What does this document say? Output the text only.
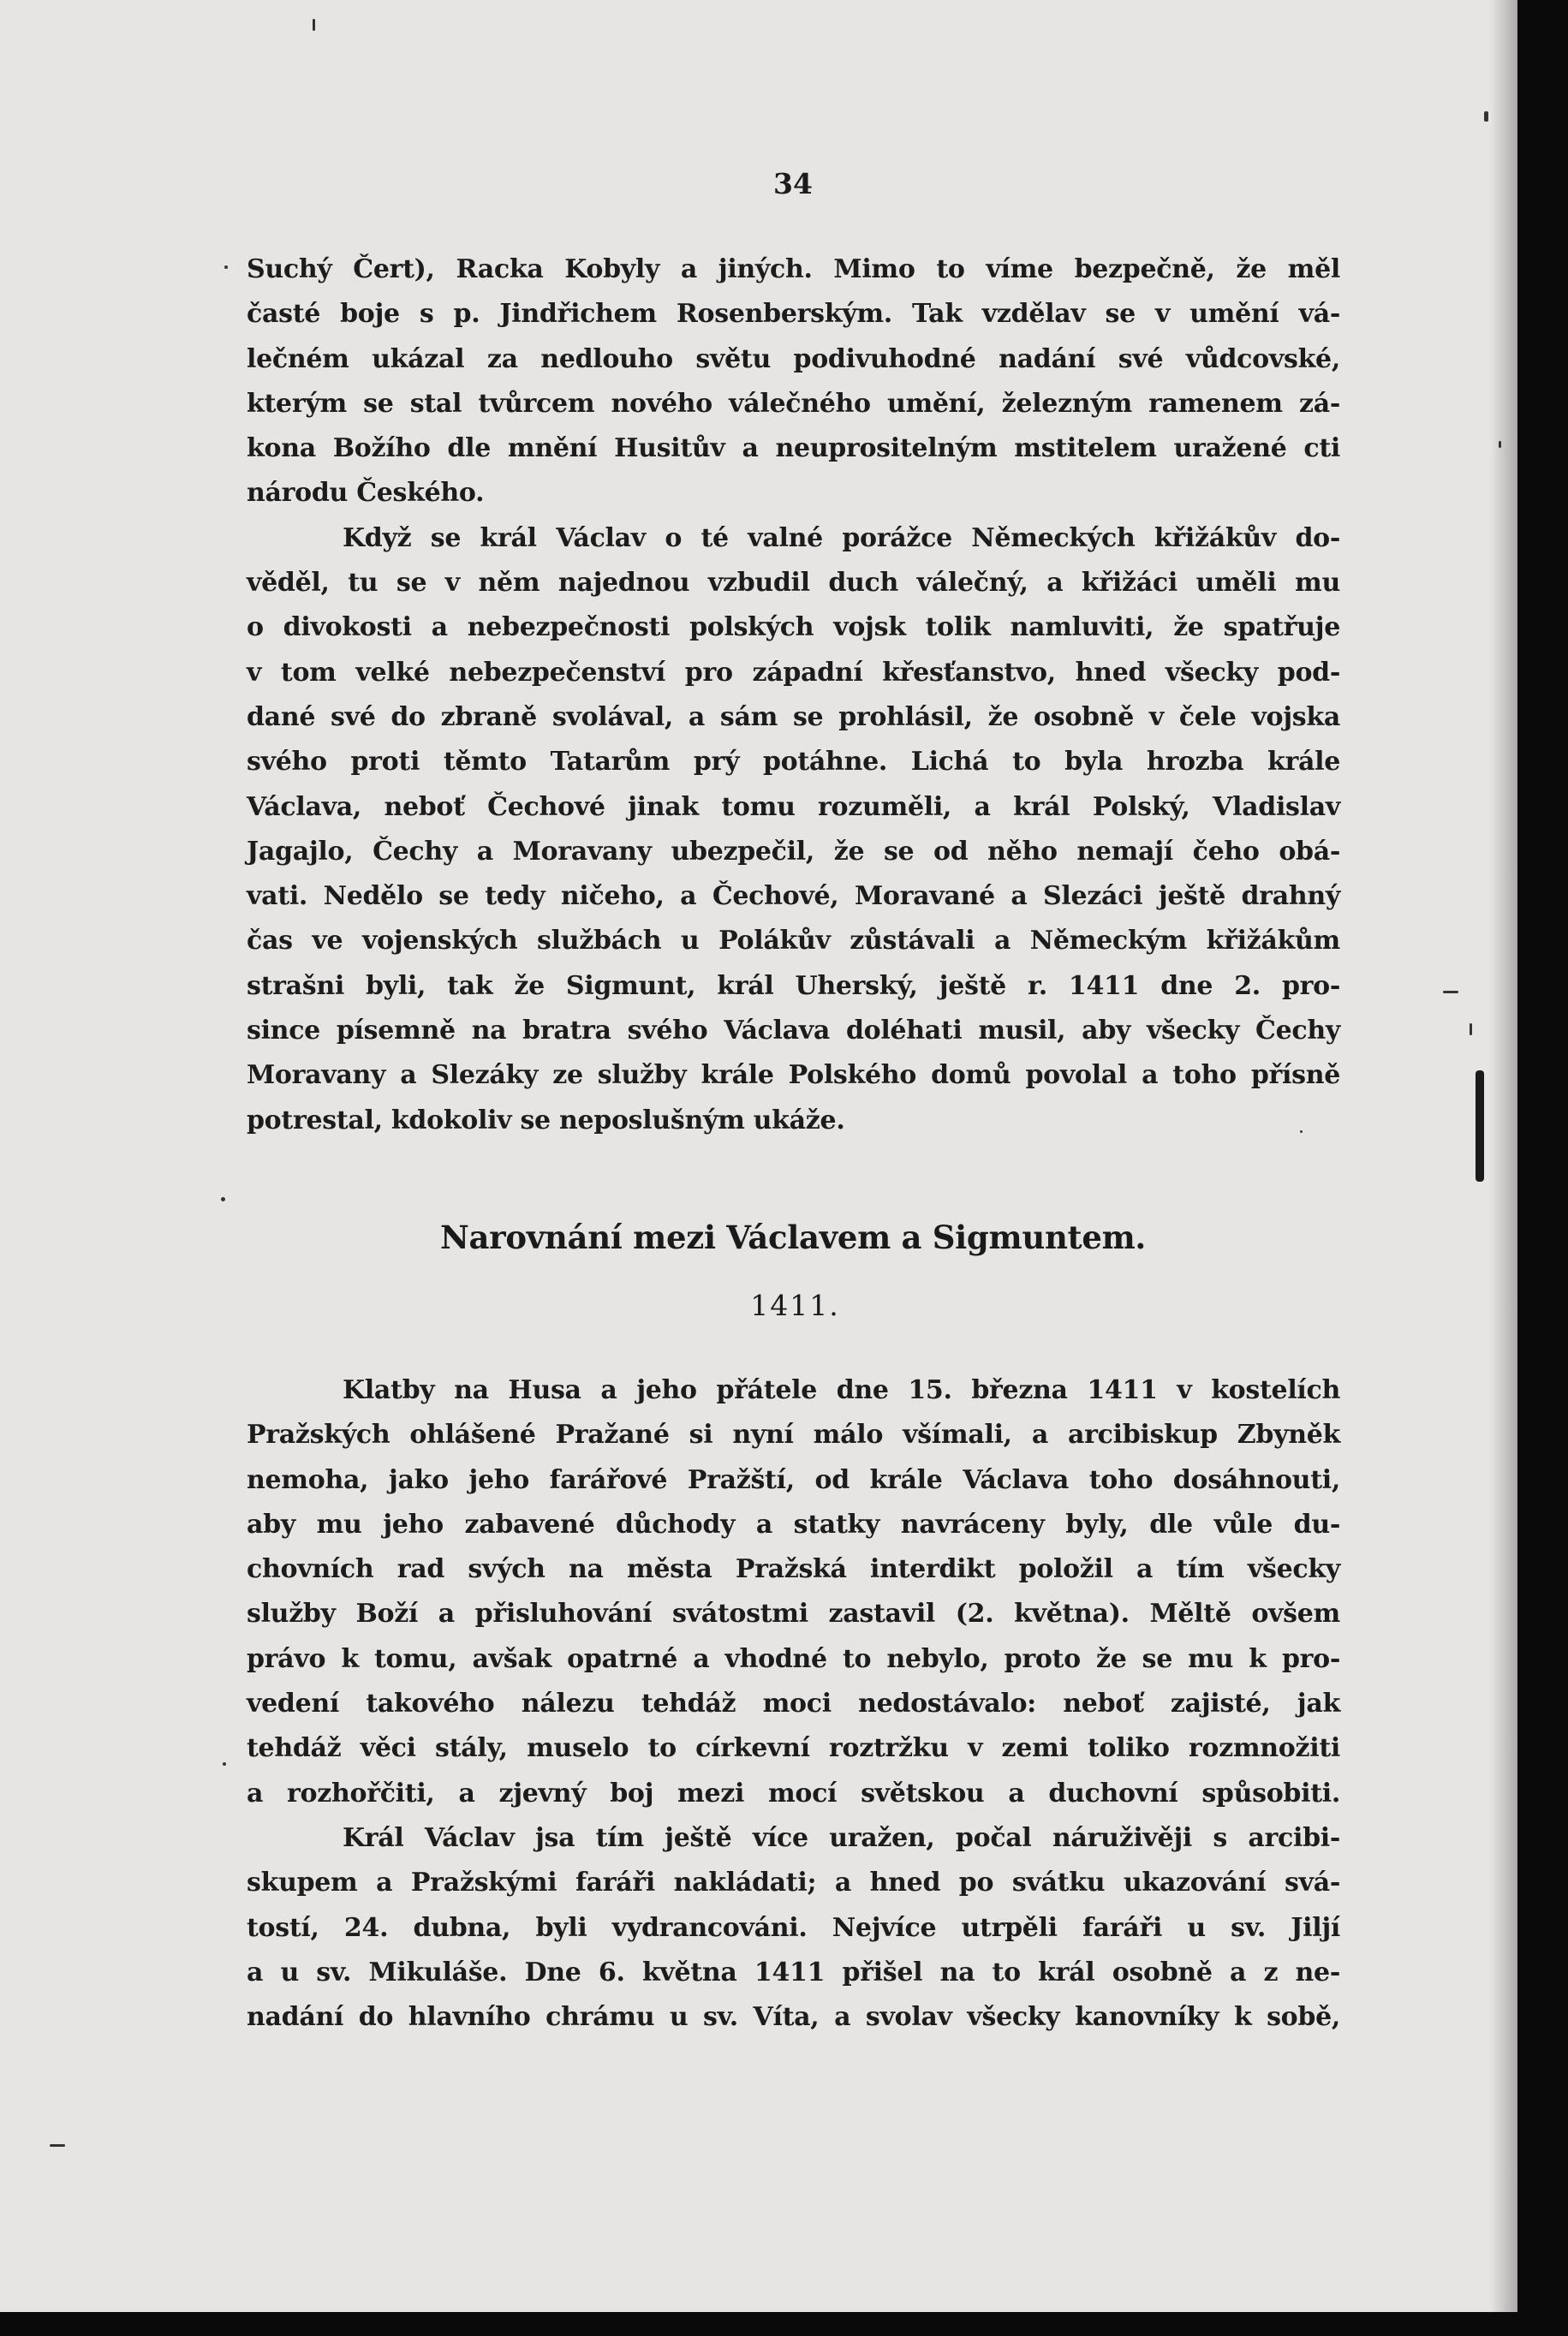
34
Suchý Čert), Racka Kobyly a jiných. Mimo to víme bezpečně, že měl
časté boje s p. Jindřichem Rosenberským. Tak vzdělav se v umění vá-
lečném ukázal za nedlouho světu podivuhodné nadání své vůdcovské,
kterým se stal tvůrcem nového válečného umění, železným ramenem zá-
kona Božího dle mnění Husitův a neuprositelným mstitelem uražené cti
národu Českého.
Když se král Václav o té valné porážce Německých křižákův do-
věděl, tu se v něm najednou vzbudil duch válečný, a křižáci uměli mu
o divokosti a nebezpečnosti polských vojsk tolik namluviti, že spatřuje
v tom velké nebezpečenství pro západní křesťanstvo, hned všecky pod-
dané své do zbraně svolával, a sám se prohlásil, že osobně v čele vojska
svého proti těmto Tatarům prý potáhne. Lichá to byla hrozba krále
Václava, neboť Čechové jinak tomu rozuměli, a král Polský, Vladislav
Jagajlo, Čechy a Moravany ubezpečil, že se od něho nemají čeho obá-
vati. Nedělo se tedy ničeho, a Čechové, Moravané a Slezáci ještě drahný
čas ve vojenských službách u Polákův zůstávali a Německým křižákům
strašni byli, tak že Sigmunt, král Uherský, ještě r. 1411 dne 2. pro-
since písemně na bratra svého Václava doléhati musil, aby všecky Čechy
Moravany a Slezáky ze služby krále Polského domů povolal a toho přísně
potrestal, kdokoliv se neposlušným ukáže.
Narovnání mezi Václavem a Sigmuntem.
1411.
Klatby na Husa a jeho přátele dne 15. března 1411 v kostelích
Pražských ohlášené Pražané si nyní málo všímali, a arcibiskup Zbyněk
nemoha, jako jeho farářové Pražští, od krále Václava toho dosáhnouti,
aby mu jeho zabavené důchody a statky navráceny byly, dle vůle du-
chovních rad svých na města Pražská interdikt položil a tím všecky
služby Boží a přisluhování svátostmi zastavil (2. května). Měltě ovšem
právo k tomu, avšak opatrné a vhodné to nebylo, proto že se mu k pro-
vedení takového nálezu tehdáž moci nedostávalo: neboť zajisté, jak
tehdáž věci stály, muselo to církevní roztržku v zemi toliko rozmnožiti
a rozhořčiti, a zjevný boj mezi mocí světskou a duchovní spůsobiti.
Král Václav jsa tím ještě více uražen, počal náruživěji s arcibi-
skupem a Pražskými faráři nakládati; a hned po svátku ukazování svá-
tostí, 24. dubna, byli vydrancováni. Nejvíce utrpěli faráři u sv. Jiljí
a u sv. Mikuláše. Dne 6. května 1411 přišel na to král osobně a z ne-
nadání do hlavního chrámu u sv. Víta, a svolav všecky kanovníky k sobě,
